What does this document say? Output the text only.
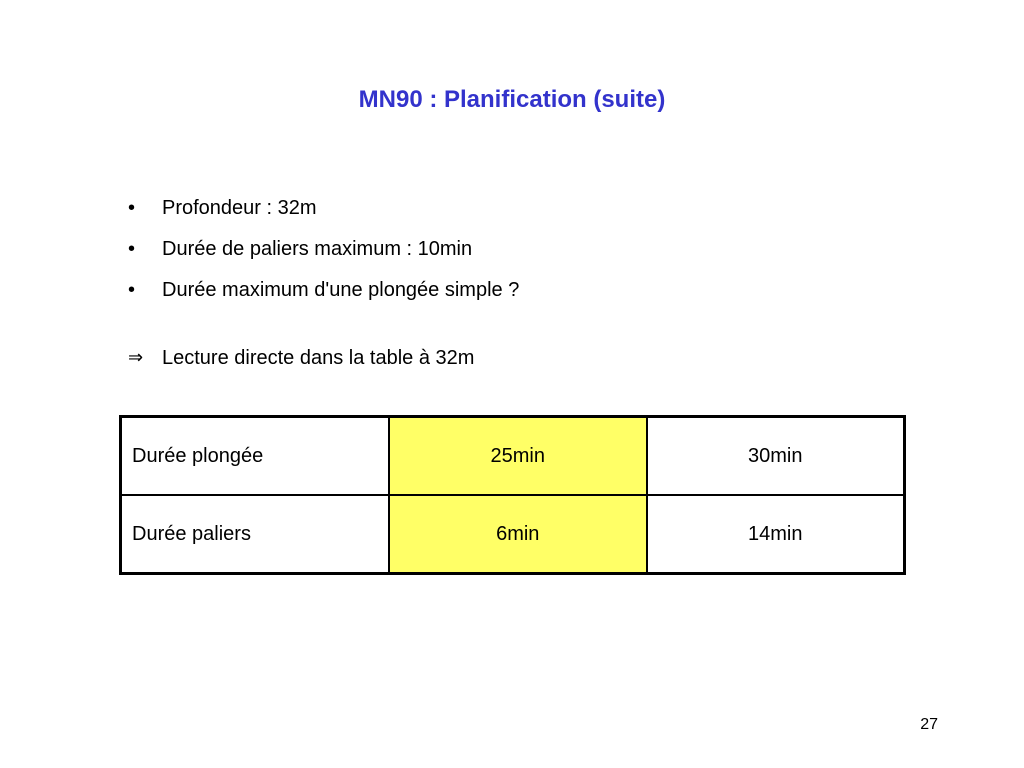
MN90 : Planification (suite)
•	Profondeur : 32m
•	Durée de paliers maximum : 10min
•	Durée maximum d'une plongée simple ?
⇒ Lecture directe dans la table à 32m
Durée plongée	25min	30min
Durée paliers	6min	14min
27
